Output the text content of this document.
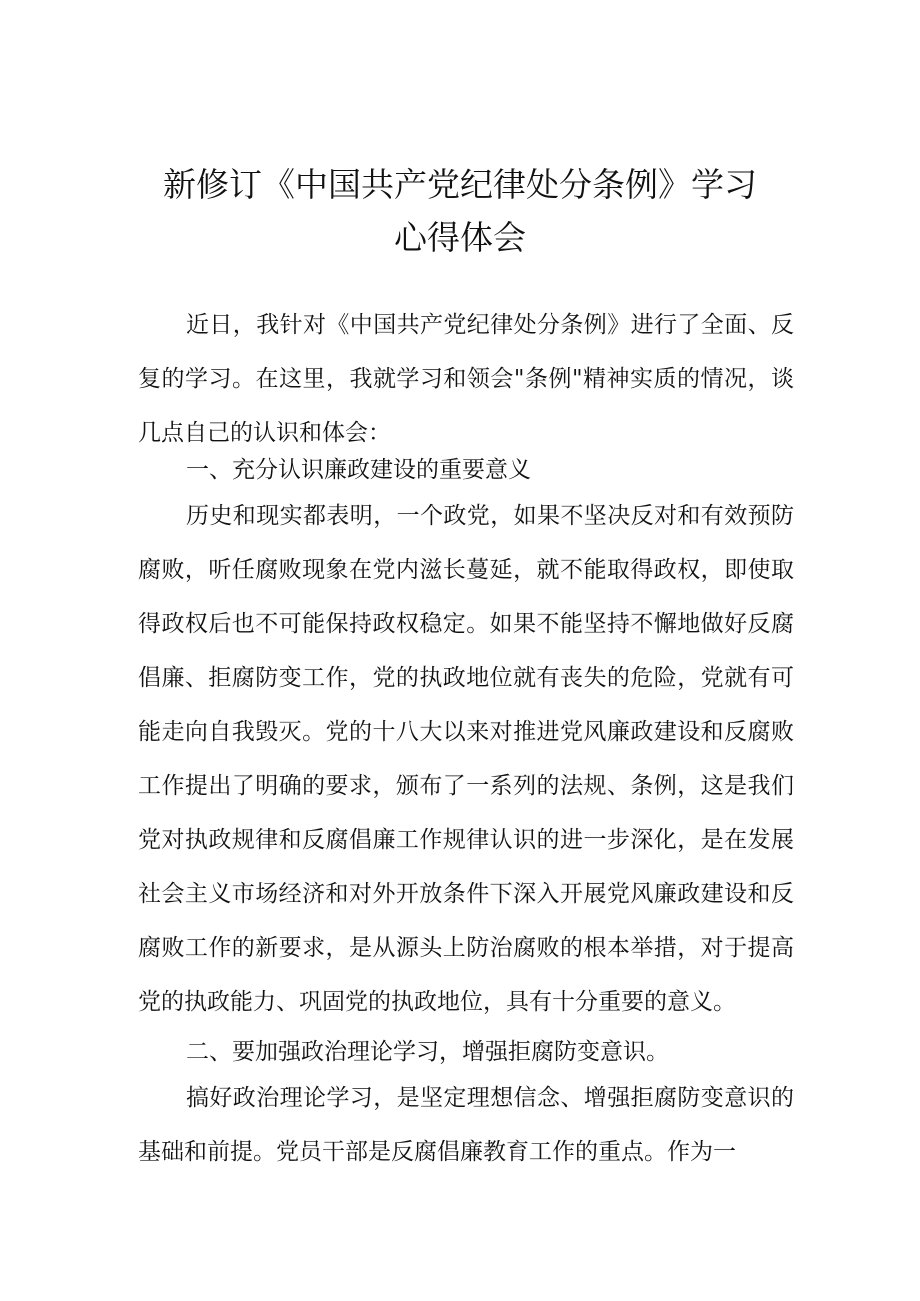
新修订《中国共产党纪律处分条例》学习
心得体会

近日，我针对《中国共产党纪律处分条例》进行了全面、反复的学习。在这里，我就学习和领会"条例"精神实质的情况，谈几点自己的认识和体会：

一、充分认识廉政建设的重要意义

历史和现实都表明，一个政党，如果不坚决反对和有效预防腐败，听任腐败现象在党内滋长蔓延，就不能取得政权，即使取得政权后也不可能保持政权稳定。如果不能坚持不懈地做好反腐倡廉、拒腐防变工作，党的执政地位就有丧失的危险，党就有可能走向自我毁灭。党的十八大以来对推进党风廉政建设和反腐败工作提出了明确的要求，颁布了一系列的法规、条例，这是我们党对执政规律和反腐倡廉工作规律认识的进一步深化，是在发展社会主义市场经济和对外开放条件下深入开展党风廉政建设和反腐败工作的新要求，是从源头上防治腐败的根本举措，对于提高党的执政能力、巩固党的执政地位，具有十分重要的意义。

二、要加强政治理论学习，增强拒腐防变意识。

搞好政治理论学习，是坚定理想信念、增强拒腐防变意识的基础和前提。党员干部是反腐倡廉教育工作的重点。作为一
